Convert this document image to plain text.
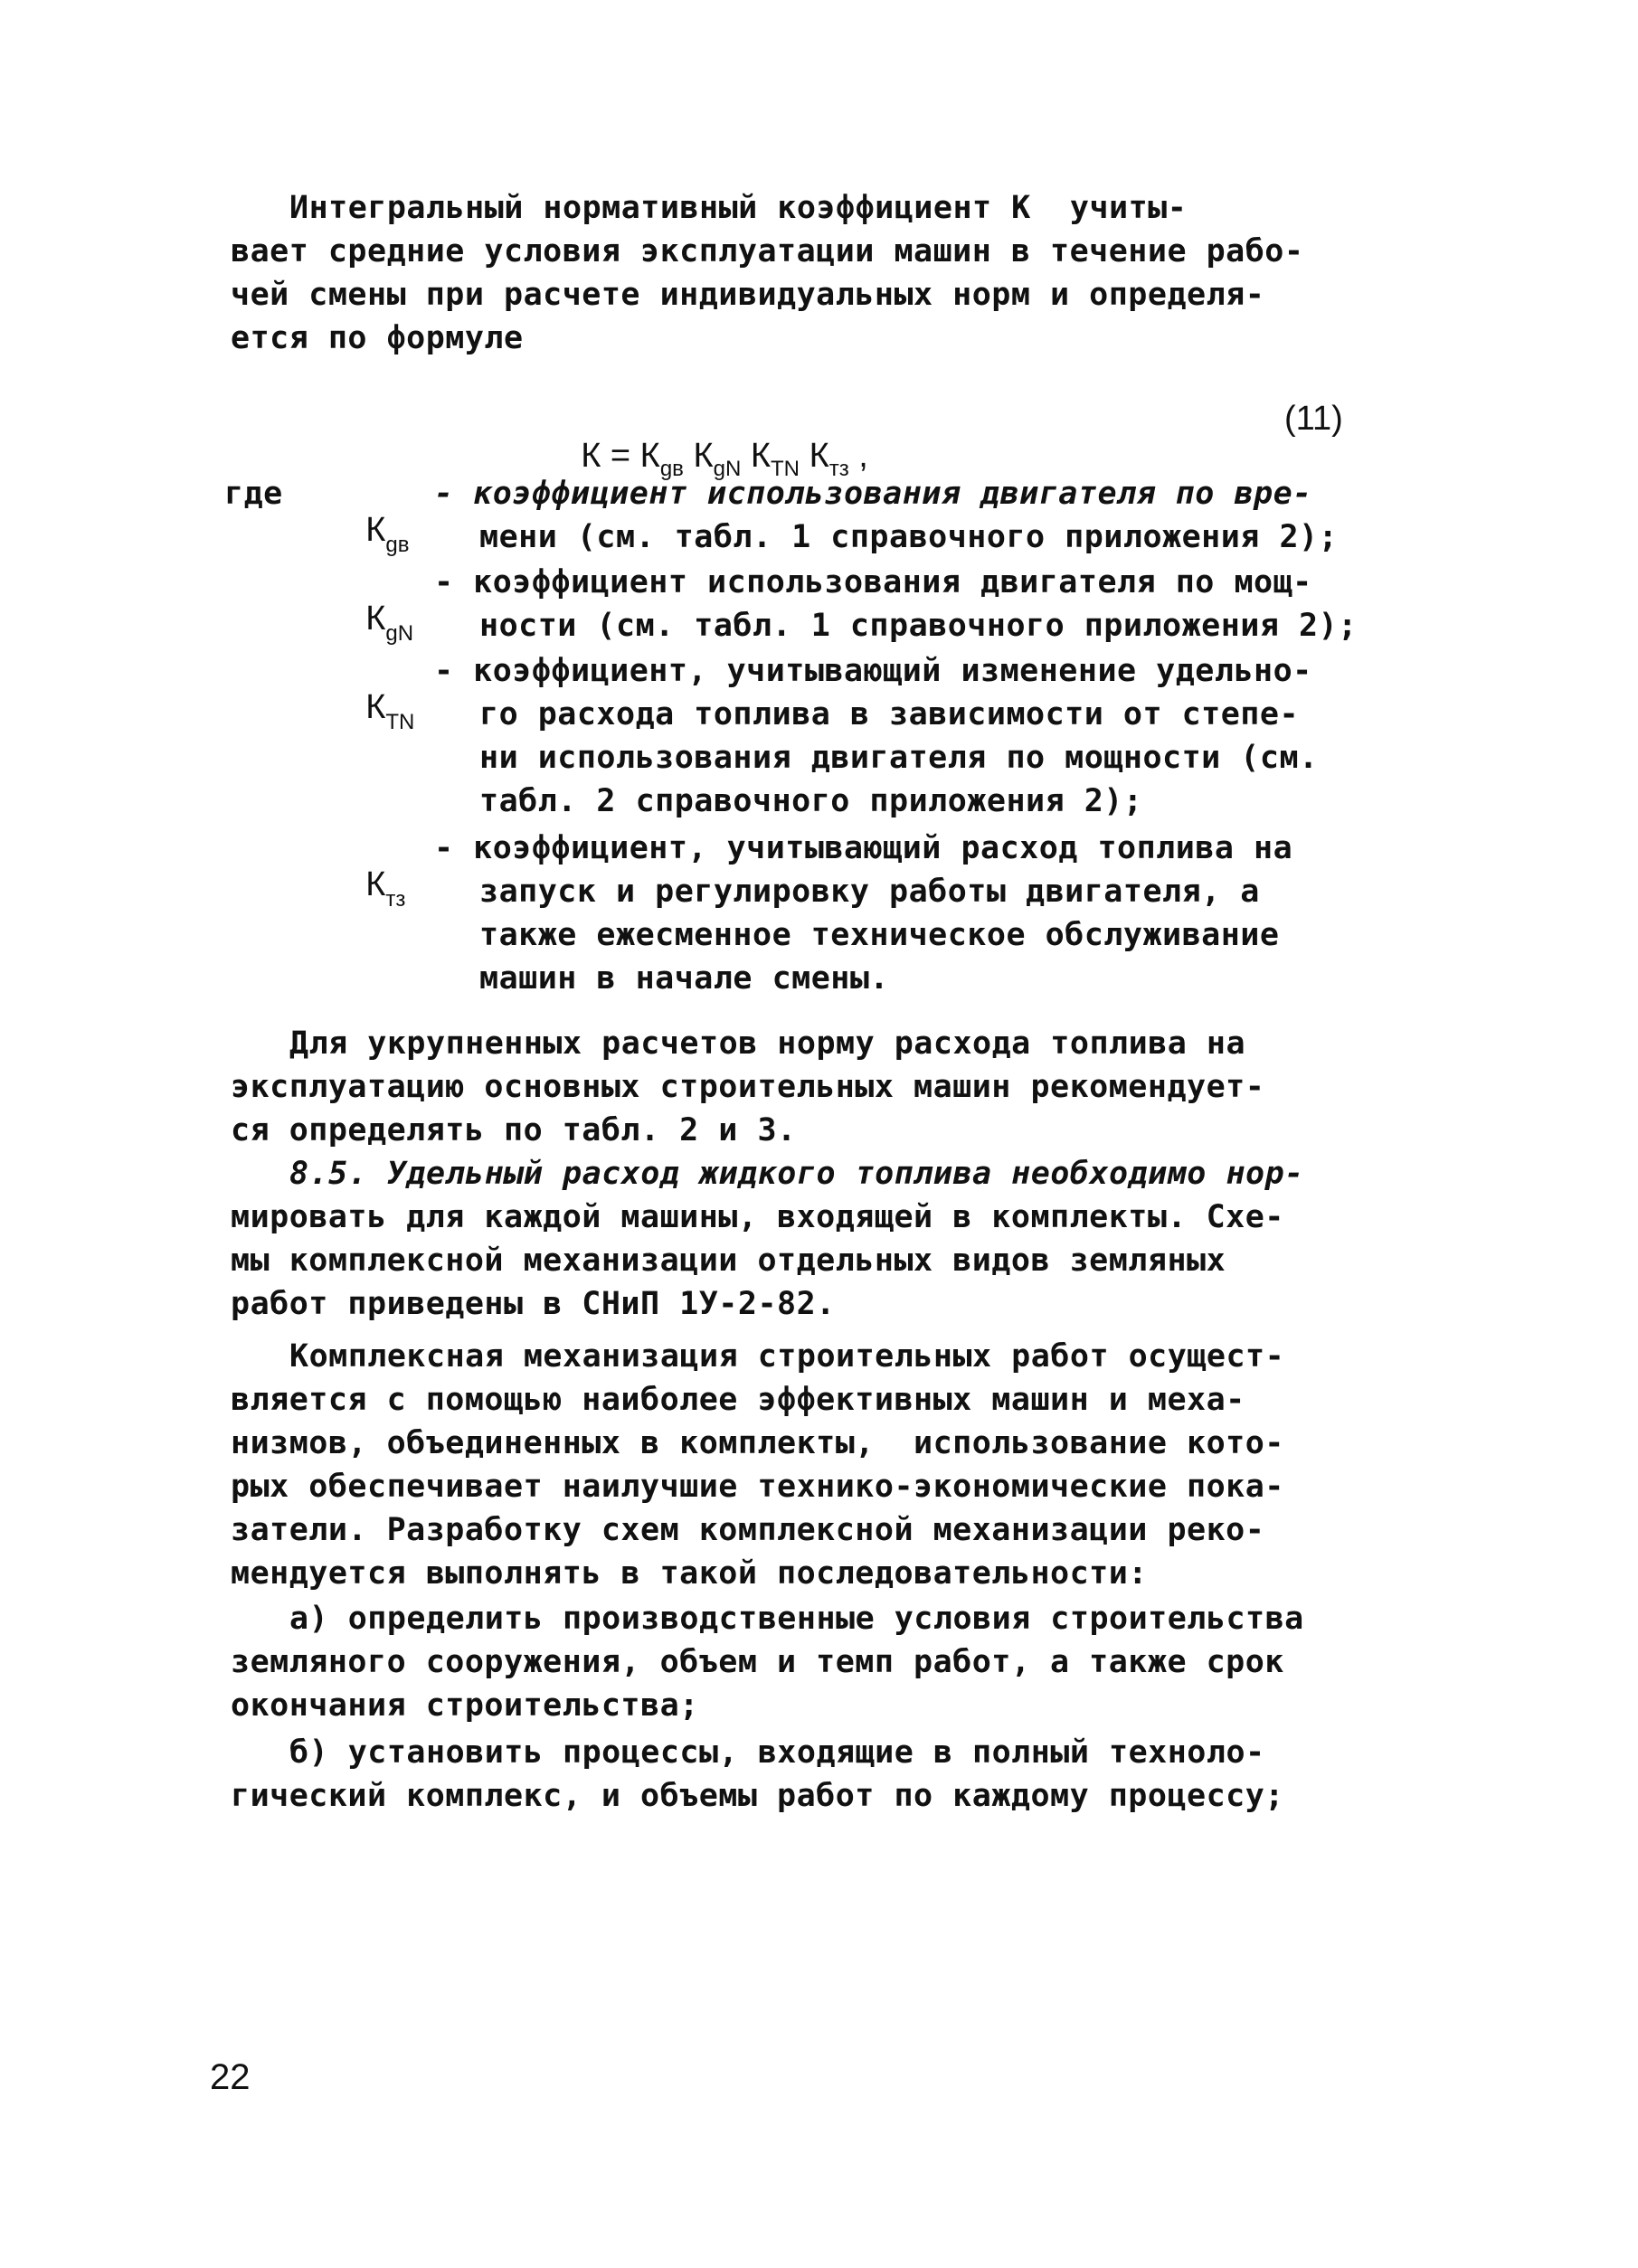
Интегральный нормативный коэффициент К  учиты-
вает средние условия эксплуатации машин в течение рабо-
чей смены при расчете индивидуальных норм и определя-
ется по формуле

$К = К_{gв}$ $К_{gN}$ $К_{ТN}$ $К_{тз}$ ,

(11)
где

$К_{gв}$

- коэффициент использования двигателя по вре-
мени (см. табл. 1 справочного приложения 2);

$К_{gN}$

- коэффициент использования двигателя по мощ-
ности (см. табл. 1 справочного приложения 2);

$К_{ТN}$

- коэффициент, учитывающий изменение удельно-
го расхода топлива в зависимости от степе-
ни использования двигателя по мощности (см.
табл. 2 справочного приложения 2);

$К_{тз}$

- коэффициент, учитывающий расход топлива на
запуск и регулировку работы двигателя, а
также ежесменное техническое обслуживание
машин в начале смены.
Для укрупненных расчетов норму расхода топлива на
эксплуатацию основных строительных машин рекомендует-
ся определять по табл. 2 и 3.
8.5. Удельный расход жидкого топлива необходимо нор-
мировать для каждой машины, входящей в комплекты. Схе-
мы комплексной механизации отдельных видов земляных
работ приведены в СНиП 1У-2-82.
Комплексная механизация строительных работ осущест-
вляется с помощью наиболее эффективных машин и меха-
низмов, объединенных в комплекты,  использование кото-
рых обеспечивает наилучшие технико-экономические пока-
затели. Разработку схем комплексной механизации реко-
мендуется выполнять в такой последовательности:
а) определить производственные условия строительства
земляного сооружения, объем и темп работ, а также срок
окончания строительства;
б) установить процессы, входящие в полный техноло-
гический комплекс, и объемы работ по каждому процессу;
22
